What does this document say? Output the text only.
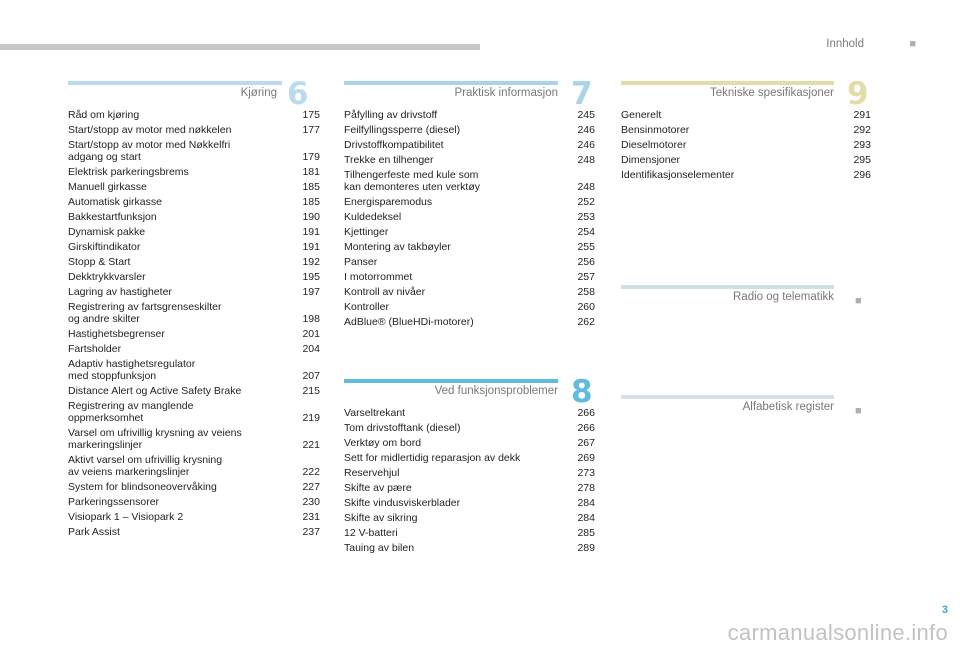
Innhold	■
Kjøring 6
Råd om kjøring	175
Start/stopp av motor med nøkkelen	177
Start/stopp av motor med Nøkkelfri
adgang og start	179
Elektrisk parkeringsbrems	181
Manuell girkasse	185
Automatisk girkasse	185
Bakkestartfunksjon	190
Dynamisk pakke	191
Girskiftindikator	191
Stopp & Start	192
Dekktrykkvarsler	195
Lagring av hastigheter	197
Registrering av fartsgrenseskilter
og andre skilter	198
Hastighetsbegrenser	201
Fartsholder	204
Adaptiv hastighetsregulator
med stoppfunksjon	207
Distance Alert og Active Safety Brake	215
Registrering av manglende
oppmerksomhet	219
Varsel om ufrivillig krysning av veiens
markeringslinjer	221
Aktivt varsel om ufrivillig krysning
av veiens markeringslinjer	222
System for blindsoneovervåking	227
Parkeringssensorer	230
Visiopark 1 – Visiopark 2	231
Park Assist	237
Praktisk informasjon 7
Påfylling av drivstoff	245
Feilfyllingssperre (diesel)	246
Drivstoffkompatibilitet	246
Trekke en tilhenger	248
Tilhengerfeste med kule som
kan demonteres uten verktøy	248
Energisparemodus	252
Kuldedeksel	253
Kjettinger	254
Montering av takbøyler	255
Panser	256
I motorrommet	257
Kontroll av nivåer	258
Kontroller	260
AdBlue® (BlueHDi-motorer)	262
Ved funksjonsproblemer 8
Varseltrekant	266
Tom drivstofftank (diesel)	266
Verktøy om bord	267
Sett for midlertidig reparasjon av dekk	269
Reservehjul	273
Skifte av pære	278
Skifte vindusviskerblader	284
Skifte av sikring	284
12 V-batteri	285
Tauing av bilen	289
Tekniske spesifikasjoner 9
Generelt	291
Bensinmotorer	292
Dieselmotorer	293
Dimensjoner	295
Identifikasjonselementer	296
Radio og telematikk ■
Alfabetisk register ■
3
carmanualsonline.info
